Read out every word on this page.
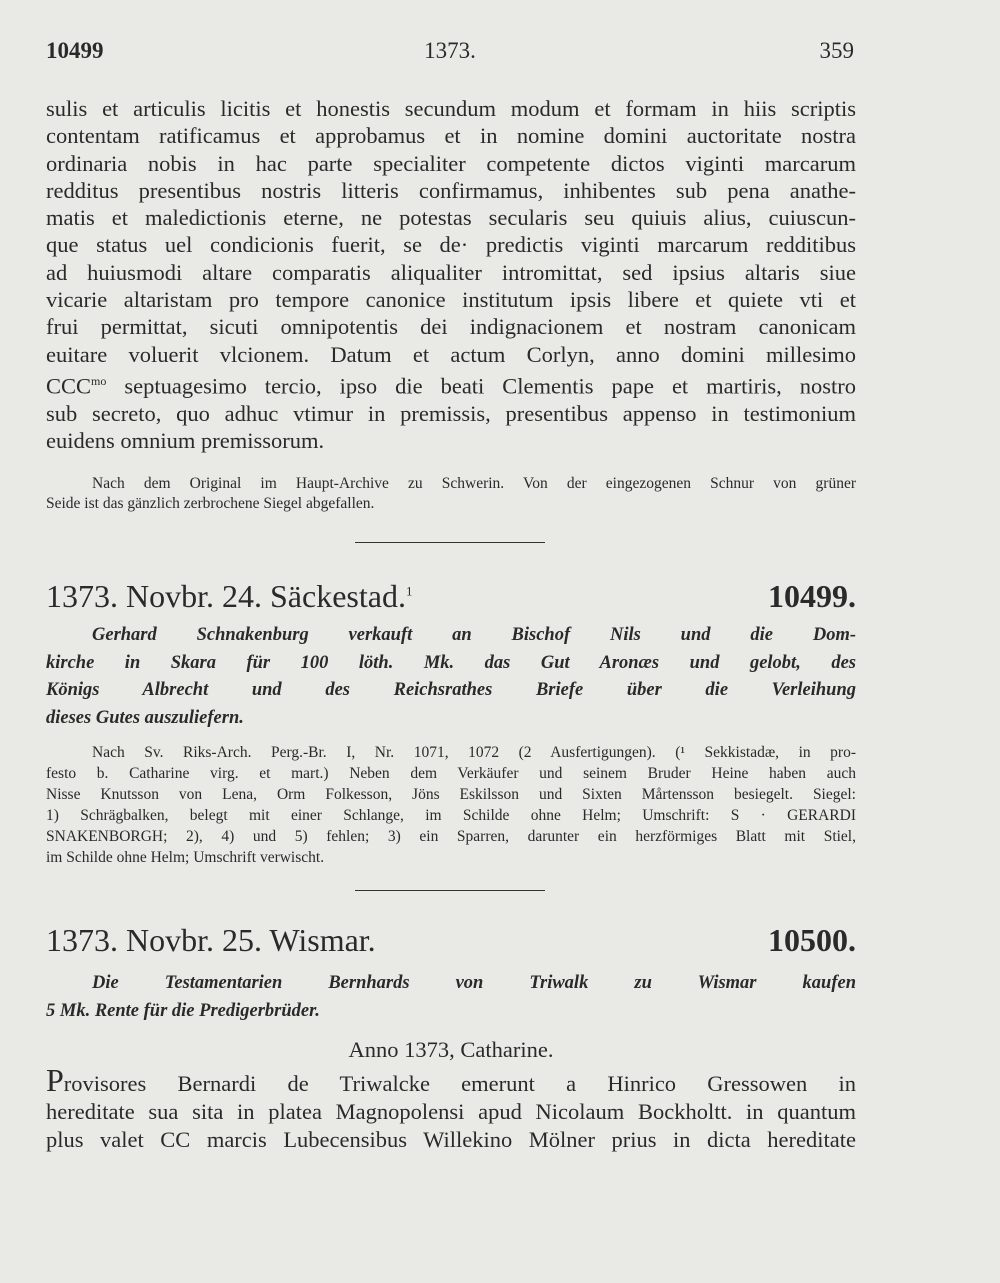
10499	1373.	359
sulis et articulis licitis et honestis secundum modum et formam in hiis scriptis
contentam ratificamus et approbamus et in nomine domini auctoritate nostra
ordinaria nobis in hac parte specialiter competente dictos viginti marcarum
redditus presentibus nostris litteris confirmamus, inhibentes sub pena anathe-
matis et maledictionis eterne, ne potestas secularis seu quiuis alius, cuiuscun-
que status uel condicionis fuerit, se de· predictis viginti marcarum redditibus
ad huiusmodi altare comparatis aliqualiter intromittat, sed ipsius altaris siue
vicarie altaristam pro tempore canonice institutum ipsis libere et quiete vti et
frui permittat, sicuti omnipotentis dei indignacionem et nostram canonicam
euitare voluerit vlcionem. Datum et actum Corlyn, anno domini millesimo
$CCC^{mo}$ septuagesimo tercio, ipso die beati Clementis pape et martiris, nostro
sub secreto, quo adhuc vtimur in premissis, presentibus appenso in testimonium
euidens omnium premissorum.
Nach dem Original im Haupt-Archive zu Schwerin. Von der eingezogenen Schnur von grüner
Seide ist das gänzlich zerbrochene Siegel abgefallen.
1373. Novbr. 24. Säckestad.$^1$	10499.
Gerhard Schnakenburg verkauft an Bischof Nils und die Dom-
kirche in Skara für 100 löth. Mk. das Gut Aronæs und gelobt, des
Königs Albrecht und des Reichsrathes Briefe über die Verleihung
dieses Gutes auszuliefern.
Nach Sv. Riks-Arch. Perg.-Br. I, Nr. 1071, 1072 (2 Ausfertigungen). (¹ Sekkistadæ, in pro-
festo b. Catharine virg. et mart.) Neben dem Verkäufer und seinem Bruder Heine haben auch
Nisse Knutsson von Lena, Orm Folkesson, Jöns Eskilsson und Sixten Mårtensson besiegelt. Siegel:
1) Schrägbalken, belegt mit einer Schlange, im Schilde ohne Helm; Umschrift: S · GERARDI
SNAKENBORGH; 2), 4) und 5) fehlen; 3) ein Sparren, darunter ein herzförmiges Blatt mit Stiel,
im Schilde ohne Helm; Umschrift verwischt.
1373. Novbr. 25. Wismar.	10500.
Die Testamentarien Bernhards von Triwalk zu Wismar kaufen
5 Mk. Rente für die Predigerbrüder.
Anno 1373, Catharine.
Provisores Bernardi de Triwalcke emerunt a Hinrico Gressowen in
hereditate sua sita in platea Magnopolensi apud Nicolaum Bockholtt. in quantum
plus valet CC marcis Lubecensibus Willekino Mölner prius in dicta hereditate
